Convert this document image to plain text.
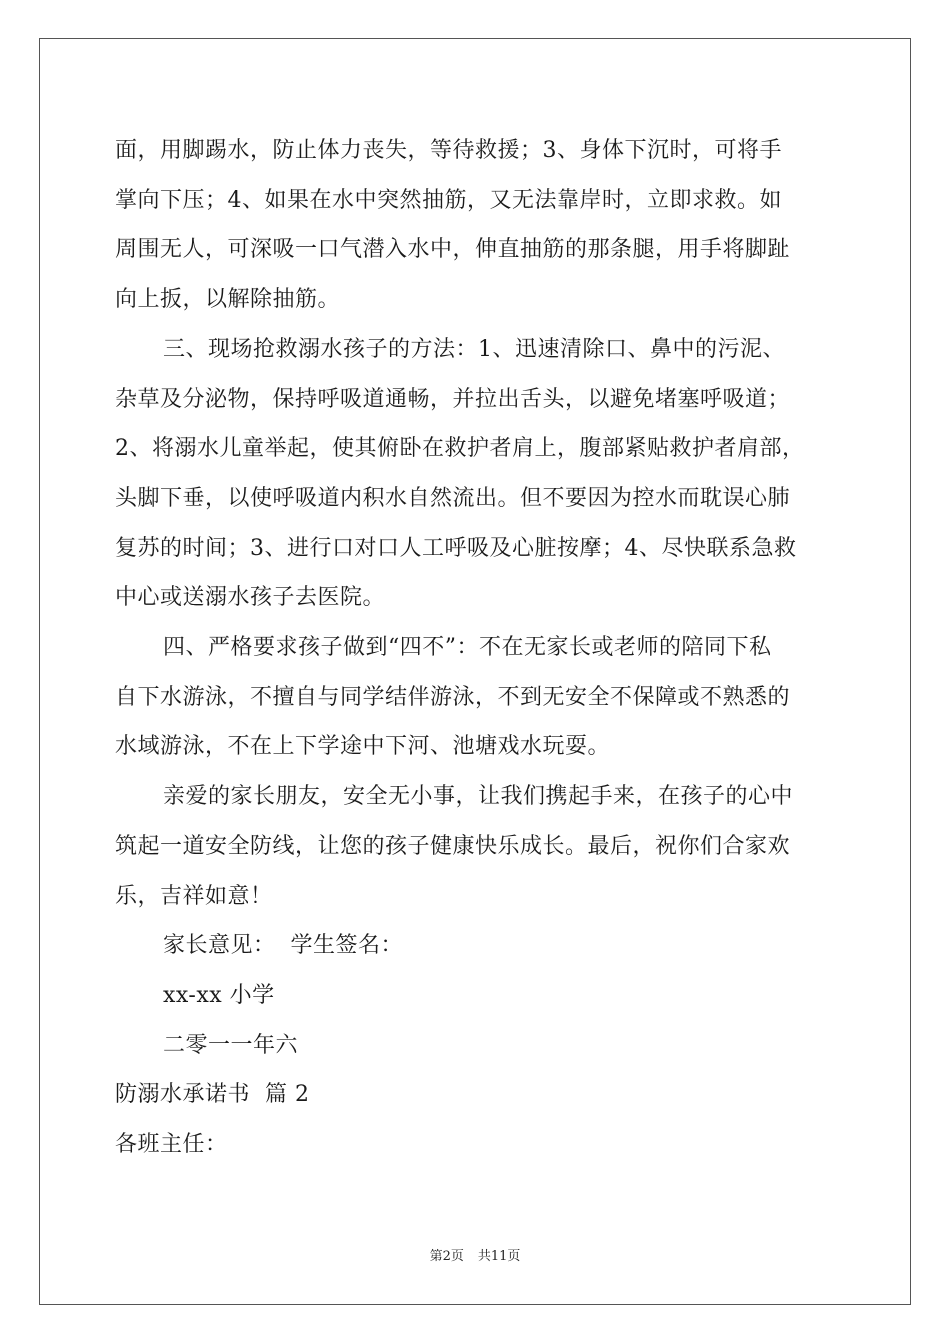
面，用脚踢水，防止体力丧失，等待救援；3、身体下沉时，可将手
掌向下压；4、如果在水中突然抽筋，又无法靠岸时，立即求救。如
周围无人，可深吸一口气潜入水中，伸直抽筋的那条腿，用手将脚趾
向上扳，以解除抽筋。
三、现场抢救溺水孩子的方法：1、迅速清除口、鼻中的污泥、
杂草及分泌物，保持呼吸道通畅，并拉出舌头，以避免堵塞呼吸道；
2、将溺水儿童举起，使其俯卧在救护者肩上，腹部紧贴救护者肩部，
头脚下垂，以使呼吸道内积水自然流出。但不要因为控水而耽误心肺
复苏的时间；3、进行口对口人工呼吸及心脏按摩；4、尽快联系急救
中心或送溺水孩子去医院。
四、严格要求孩子做到“四不”：不在无家长或老师的陪同下私
自下水游泳，不擅自与同学结伴游泳，不到无安全不保障或不熟悉的
水域游泳，不在上下学途中下河、池塘戏水玩耍。
亲爱的家长朋友，安全无小事，让我们携起手来，在孩子的心中
筑起一道安全防线，让您的孩子健康快乐成长。最后，祝你们合家欢
乐，吉祥如意！

家长意见：  学生签名：

xx-xx 小学

二零一一年六

防溺水承诺书  篇 2

各班主任：

第2页 共11页
